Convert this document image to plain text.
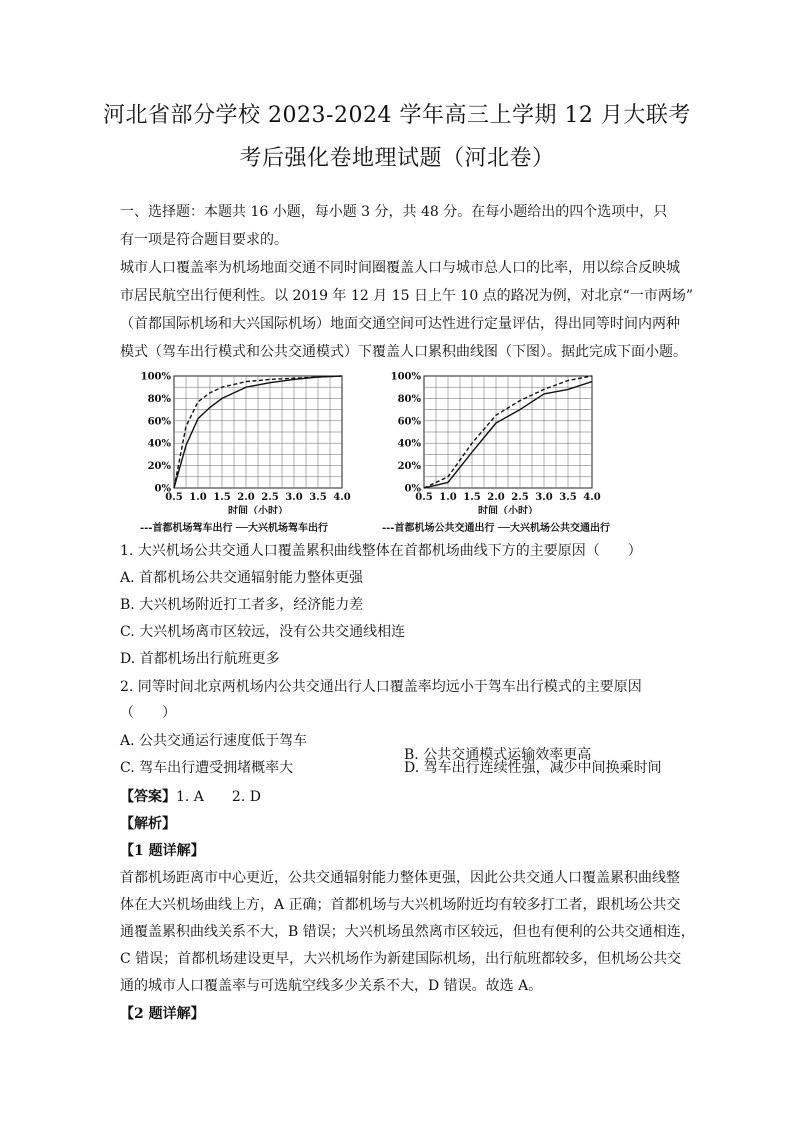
河北省部分学校 2023-2024 学年高三上学期 12 月大联考
考后强化卷地理试题（河北卷）

一、选择题：本题共 16 小题，每小题 3 分，共 48 分。在每小题给出的四个选项中，只

有一项是符合题目要求的。

城市人口覆盖率为机场地面交通不同时间圈覆盖人口与城市总人口的比率，用以综合反映城

市居民航空出行便利性。以 2019 年 12 月 15 日上午 10 点的路况为例，对北京“一市两场”

（首都国际机场和大兴国际机场）地面交通空间可达性进行定量评估，得出同等时间内两种

模式（驾车出行模式和公共交通模式）下覆盖人口累积曲线图（下图）。据此完成下面小题。

0%
20%
40%
60%
80%
100%
0.5 1.0 1.5 2.0 2.5 3.0 3.5 4.0
时间（小时）
---首都机场驾车出行 ──大兴机场驾车出行
0%
20%
40%
60%
80%
100%
0.5 1.0 1.5 2.0 2.5 3.0 3.5 4.0
时间（小时）
---首都机场公共交通出行 ──大兴机场公共交通出行

1. 大兴机场公共交通人口覆盖累积曲线整体在首都机场曲线下方的主要原因（　　）

A. 首都机场公共交通辐射能力整体更强

B. 大兴机场附近打工者多，经济能力差

C. 大兴机场离市区较远，没有公共交通线相连

D. 首都机场出行航班更多

2. 同等时间北京两机场内公共交通出行人口覆盖率均远小于驾车出行模式的主要原因

（　　）

A. 公共交通运行速度低于驾车

B. 公共交通模式运输效率更高

C. 驾车出行遭受拥堵概率大	D. 驾车出行连续性强，减少中间换乘时间

【答案】1. A　　2. D

【解析】

【1 题详解】

首都机场距离市中心更近，公共交通辐射能力整体更强，因此公共交通人口覆盖累积曲线整

体在大兴机场曲线上方，A 正确；首都机场与大兴机场附近均有较多打工者，跟机场公共交

通覆盖累积曲线关系不大，B 错误；大兴机场虽然离市区较远，但也有便利的公共交通相连，

C 错误；首都机场建设更早，大兴机场作为新建国际机场，出行航班都较多，但机场公共交

通的城市人口覆盖率与可选航空线多少关系不大，D 错误。故选 A。

【2 题详解】
